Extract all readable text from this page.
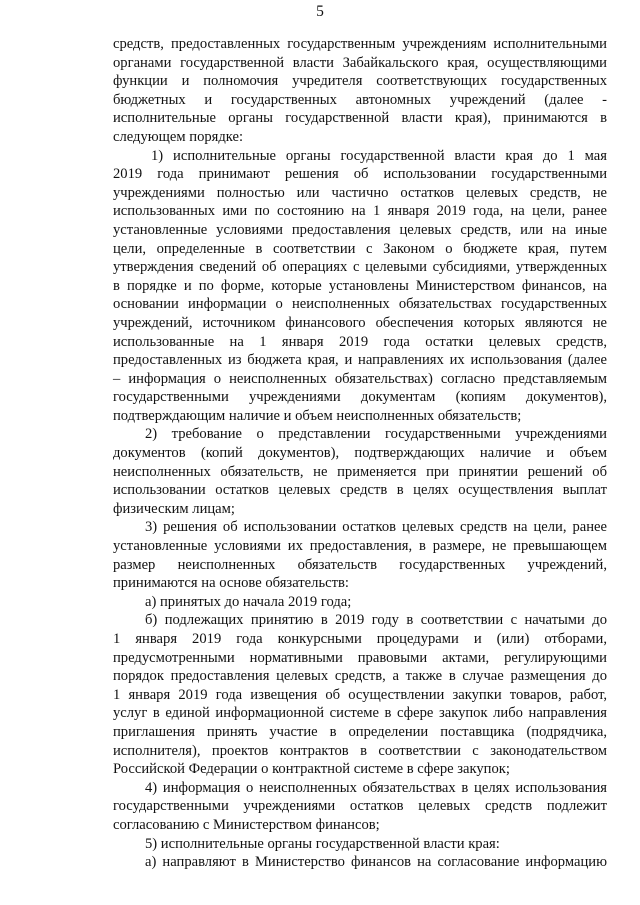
5
средств, предоставленных государственным учреждениям исполнительными
органами государственной власти Забайкальского края, осуществляющими
функции и полномочия учредителя соответствующих государственных
бюджетных и государственных автономных учреждений (далее -
исполнительные органы государственной власти края), принимаются в
следующем порядке:
1) исполнительные органы государственной власти края до 1 мая
2019 года принимают решения об использовании государственными
учреждениями полностью или частично остатков целевых средств, не
использованных ими по состоянию на 1 января 2019 года, на цели, ранее
установленные условиями предоставления целевых средств, или на иные
цели, определенные в соответствии с Законом о бюджете края, путем
утверждения сведений об операциях с целевыми субсидиями, утвержденных
в порядке и по форме, которые установлены Министерством финансов, на
основании информации о неисполненных обязательствах государственных
учреждений, источником финансового обеспечения которых являются не
использованные на 1 января 2019 года остатки целевых средств,
предоставленных из бюджета края, и направлениях их использования (далее
– информация о неисполненных обязательствах) согласно представляемым
государственными учреждениями документам (копиям документов),
подтверждающим наличие и объем неисполненных обязательств;
2) требование о представлении государственными учреждениями
документов (копий документов), подтверждающих наличие и объем
неисполненных обязательств, не применяется при принятии решений об
использовании остатков целевых средств в целях осуществления выплат
физическим лицам;
3) решения об использовании остатков целевых средств на цели, ранее
установленные условиями их предоставления, в размере, не превышающем
размер неисполненных обязательств государственных учреждений,
принимаются на основе обязательств:
а) принятых до начала 2019 года;
б) подлежащих принятию в 2019 году в соответствии с начатыми до
1 января 2019 года конкурсными процедурами и (или) отборами,
предусмотренными нормативными правовыми актами, регулирующими
порядок предоставления целевых средств, а также в случае размещения до
1 января 2019 года извещения об осуществлении закупки товаров, работ,
услуг в единой информационной системе в сфере закупок либо направления
приглашения принять участие в определении поставщика (подрядчика,
исполнителя), проектов контрактов в соответствии с законодательством
Российской Федерации о контрактной системе в сфере закупок;
4) информация о неисполненных обязательствах в целях использования
государственными учреждениями остатков целевых средств подлежит
согласованию с Министерством финансов;
5) исполнительные органы государственной власти края:
а) направляют в Министерство финансов на согласование информацию
